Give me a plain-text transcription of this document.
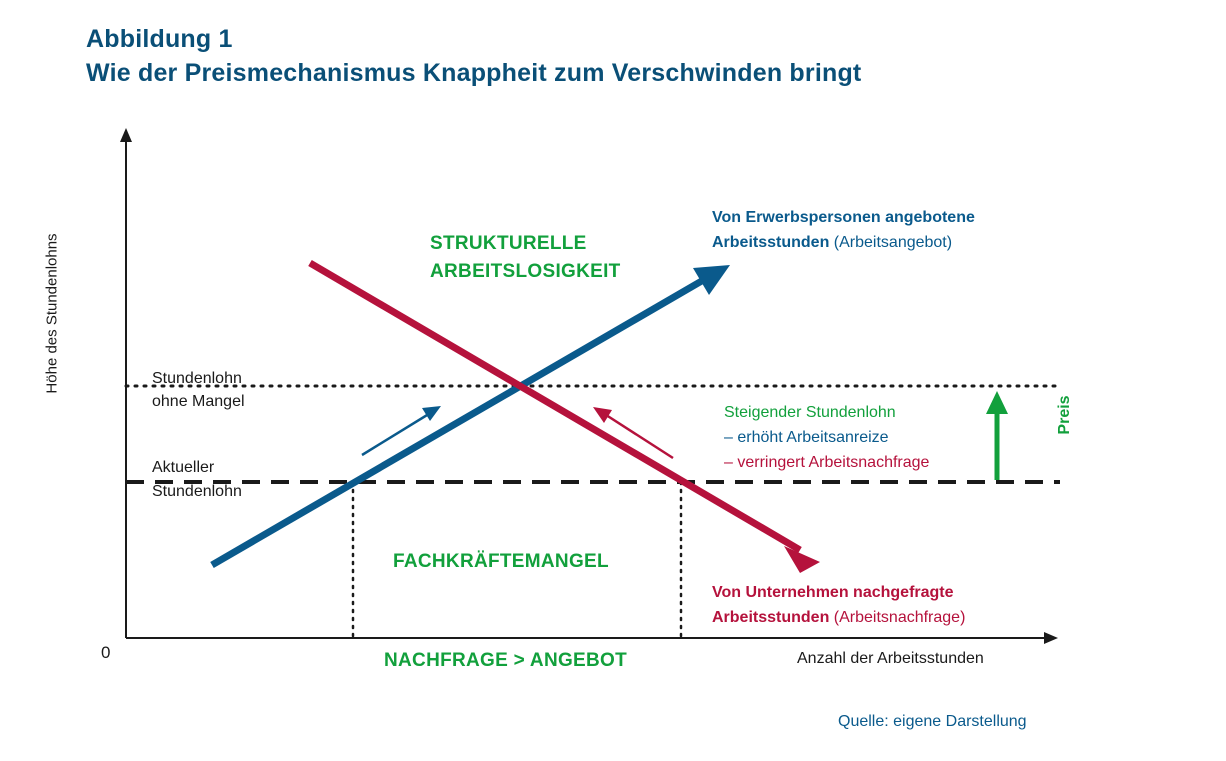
Abbildung 1
Wie der Preismechanismus Knappheit zum Verschwinden bringt
Höhe des Stundenlohns
Anzahl der Arbeitsstunden
0
Stundenlohn
ohne Mangel
Aktueller
Stundenlohn
STRUKTURELLE
ARBEITSLOSIGKEIT
FACHKRÄFTEMANGEL
NACHFRAGE > ANGEBOT
Von Erwerbspersonen angebotene
Arbeitsstunden (Arbeitsangebot)
Von Unternehmen nachgefragte
Arbeitsstunden (Arbeitsnachfrage)
Steigender Stundenlohn
– erhöht Arbeitsanreize
– verringert Arbeitsnachfrage
Preis
Quelle: eigene Darstellung
